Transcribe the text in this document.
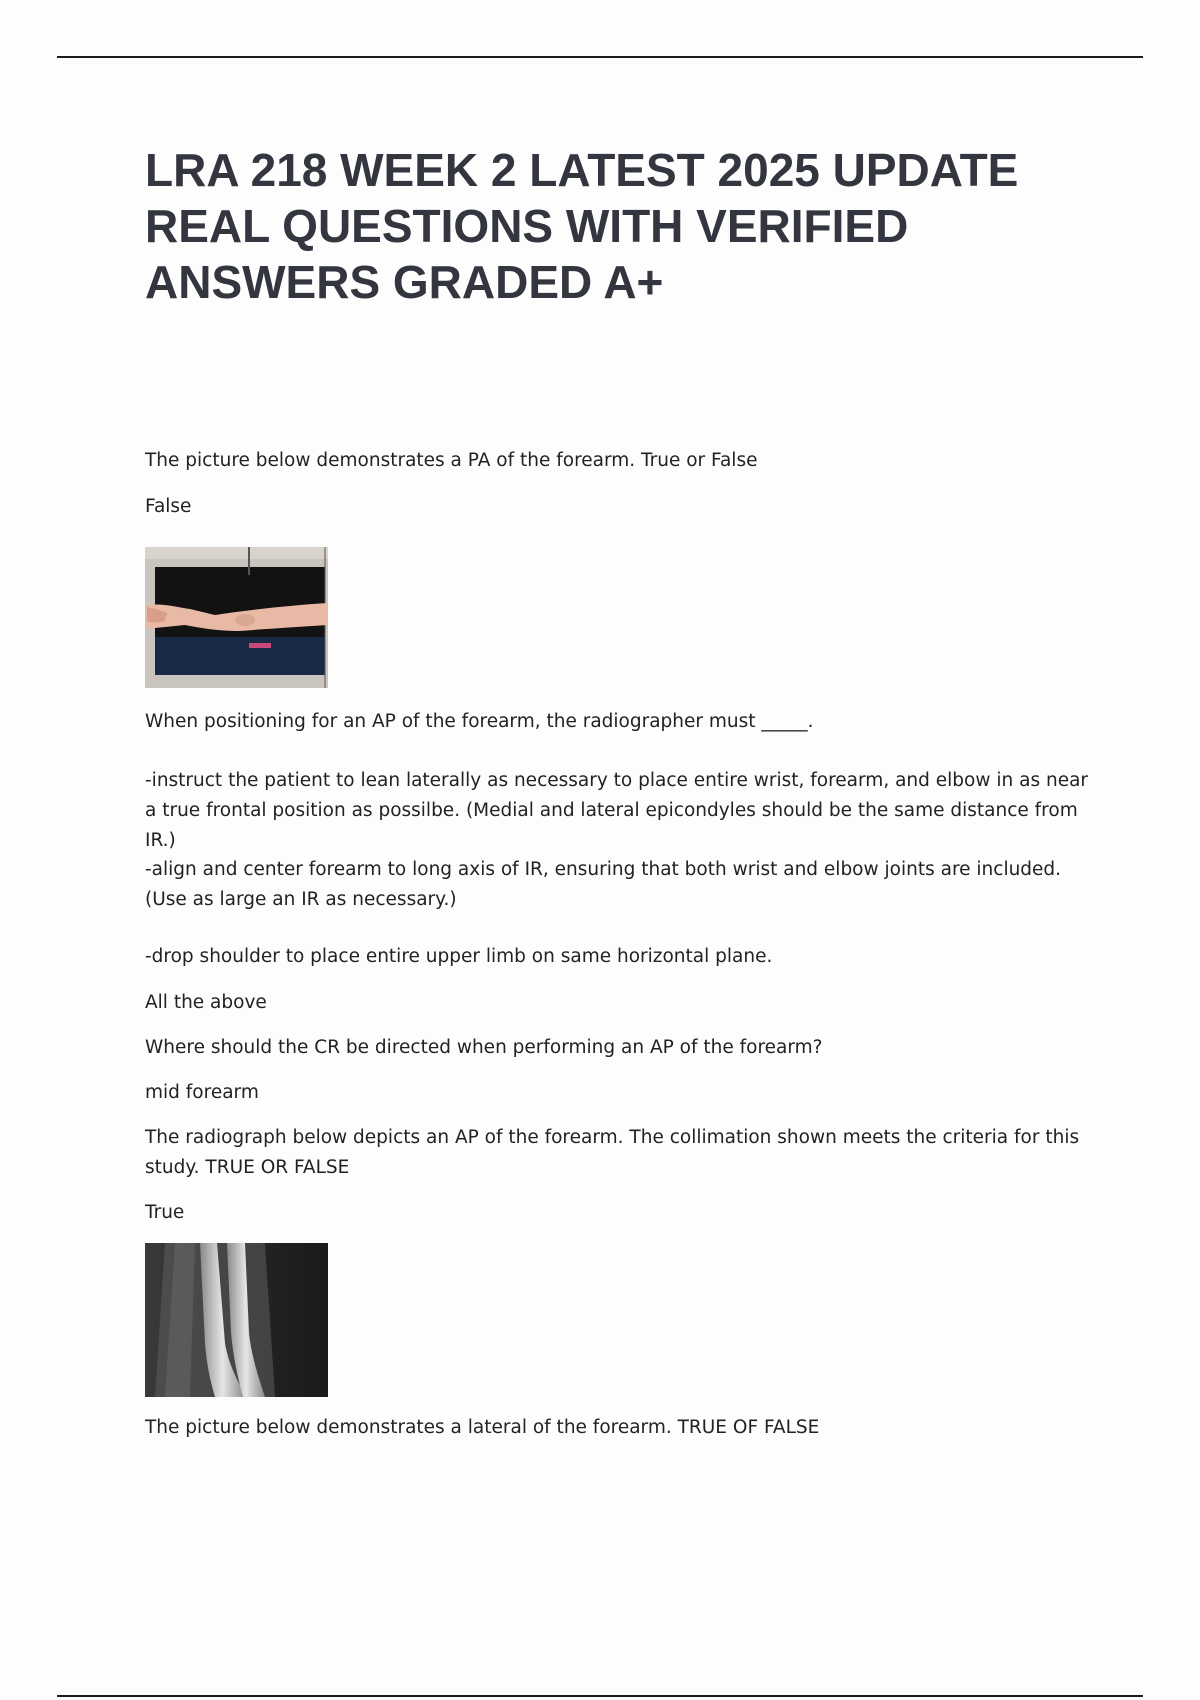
LRA 218 WEEK 2 LATEST 2025 UPDATE REAL QUESTIONS WITH VERIFIED ANSWERS GRADED A+

The picture below demonstrates a PA of the forearm. True or False

False

When positioning for an AP of the forearm, the radiographer must _____.

-instruct the patient to lean laterally as necessary to place entire wrist, forearm, and elbow in as near a true frontal position as possilbe. (Medial and lateral epicondyles should be the same distance from IR.)

-align and center forearm to long axis of IR, ensuring that both wrist and elbow joints are included. (Use as large an IR as necessary.)

-drop shoulder to place entire upper limb on same horizontal plane.

All the above

Where should the CR be directed when performing an AP of the forearm?

mid forearm

The radiograph below depicts an AP of the forearm. The collimation shown meets the criteria for this study. TRUE OR FALSE

True

The picture below demonstrates a lateral of the forearm. TRUE OF FALSE
